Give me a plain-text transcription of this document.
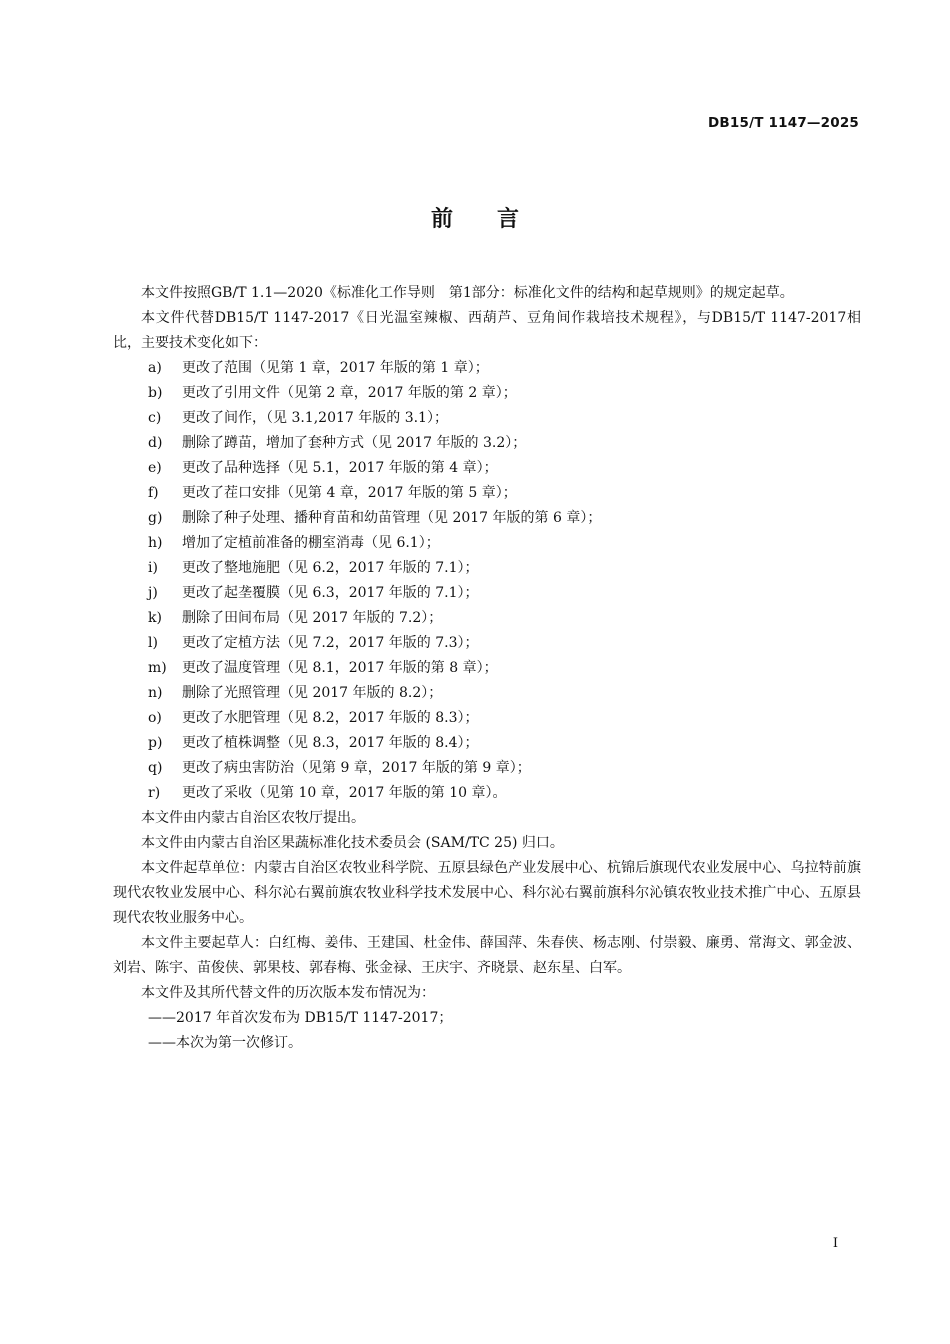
DB15/T 1147—2025
前 言

本文件按照GB/T 1.1—2020《标准化工作导则　第1部分：标准化文件的结构和起草规则》的规定起草。

本文件代替DB15/T 1147-2017《日光温室辣椒、西葫芦、豆角间作栽培技术规程》，与DB15/T 1147-2017相比，主要技术变化如下：

a) 更改了范围（见第 1 章，2017 年版的第 1 章）；

b) 更改了引用文件（见第 2 章，2017 年版的第 2 章）；

c) 更改了间作，（见 3.1,2017 年版的 3.1）；

d) 删除了蹲苗，增加了套种方式（见 2017 年版的 3.2）；

e) 更改了品种选择（见 5.1，2017 年版的第 4 章）；

f) 更改了茬口安排（见第 4 章，2017 年版的第 5 章）；

g) 删除了种子处理、播种育苗和幼苗管理（见 2017 年版的第 6 章）；

h) 增加了定植前准备的棚室消毒（见 6.1）；

i) 更改了整地施肥（见 6.2，2017 年版的 7.1）；

j) 更改了起垄覆膜（见 6.3，2017 年版的 7.1）；

k) 删除了田间布局（见 2017 年版的 7.2）；

l) 更改了定植方法（见 7.2，2017 年版的 7.3）；

m) 更改了温度管理（见 8.1，2017 年版的第 8 章）；

n) 删除了光照管理（见 2017 年版的 8.2）；

o) 更改了水肥管理（见 8.2，2017 年版的 8.3）；

p) 更改了植株调整（见 8.3，2017 年版的 8.4）；

q) 更改了病虫害防治（见第 9 章，2017 年版的第 9 章）；

r) 更改了采收（见第 10 章，2017 年版的第 10 章）。

本文件由内蒙古自治区农牧厅提出。

本文件由内蒙古自治区果蔬标准化技术委员会 (SAM/TC 25) 归口。

本文件起草单位：内蒙古自治区农牧业科学院、五原县绿色产业发展中心、杭锦后旗现代农业发展中心、乌拉特前旗现代农牧业发展中心、科尔沁右翼前旗农牧业科学技术发展中心、科尔沁右翼前旗科尔沁镇农牧业技术推广中心、五原县现代农牧业服务中心。

本文件主要起草人：白红梅、姜伟、王建国、杜金伟、薛国萍、朱春侠、杨志刚、付崇毅、廉勇、常海文、郭金波、刘岩、陈宇、苗俊侠、郭果枝、郭春梅、张金禄、王庆宇、齐晓景、赵东星、白军。

本文件及其所代替文件的历次版本发布情况为：

——2017 年首次发布为 DB15/T 1147-2017；

——本次为第一次修订。

I
